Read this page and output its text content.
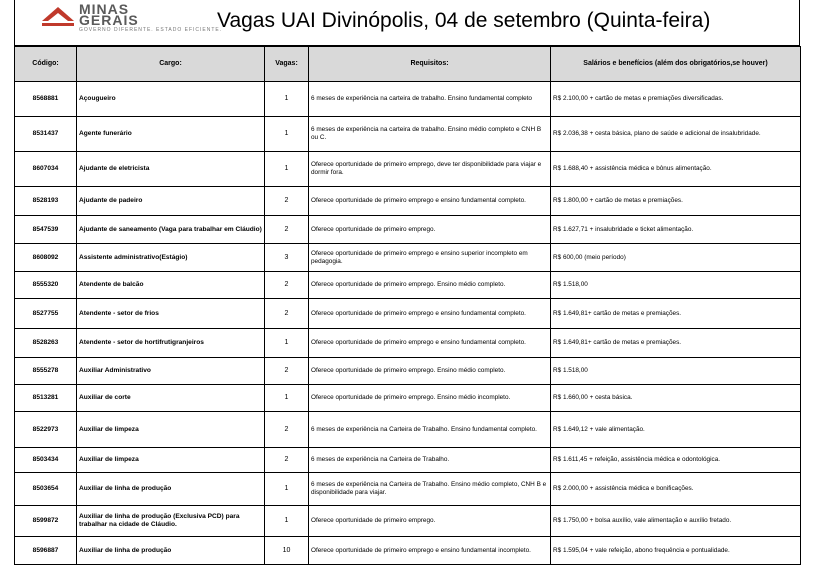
MINAS GERAIS
GOVERNO DIFERENTE. ESTADO EFICIENTE.
Vagas UAI Divinópolis, 04 de setembro (Quinta-feira)
Código:	Cargo:	Vagas:	Requisitos:	Salários e benefícios (além dos obrigatórios,se houver)
8568881	Açougueiro	1	6 meses de experiência na carteira de trabalho. Ensino fundamental completo	R$ 2.100,00 + cartão de metas e premiações diversificadas.
8531437	Agente funerário	1	6 meses de experiência na carteira de trabalho. Ensino médio completo e CNH B ou C.	R$ 2.036,38 + cesta básica, plano de saúde e adicional de insalubridade.
8607034	Ajudante de eletricista	1	Oferece oportunidade de primeiro emprego, deve ter disponibilidade para viajar e dormir fora.	R$ 1.688,40 + assistência médica e bônus alimentação.
8528193	Ajudante de padeiro	2	Oferece oportunidade de primeiro emprego e ensino fundamental completo.	R$ 1.800,00 + cartão de metas e premiações.
8547539	Ajudante de saneamento (Vaga para trabalhar em Cláudio)	2	Oferece oportunidade de primeiro emprego.	R$ 1.627,71 + insalubridade e ticket alimentação.
8608092	Assistente administrativo(Estágio)	3	Oferece oportunidade de primeiro emprego e ensino superior incompleto em pedagogia.	R$ 600,00 (meio período)
8555320	Atendente de balcão	2	Oferece oportunidade de primeiro emprego. Ensino médio completo.	R$ 1.518,00
8527755	Atendente - setor de frios	2	Oferece oportunidade de primeiro emprego e ensino fundamental completo.	R$ 1.649,81+ cartão de metas e premiações.
8528263	Atendente - setor de hortifrutigranjeiros	1	Oferece oportunidade de primeiro emprego e ensino fundamental completo.	R$ 1.649,81+ cartão de metas e premiações.
8555278	Auxiliar Administrativo	2	Oferece oportunidade de primeiro emprego. Ensino médio completo.	R$ 1.518,00
8513281	Auxiliar de corte	1	Oferece oportunidade de primeiro emprego. Ensino médio incompleto.	R$ 1.660,00 + cesta básica.
8522973	Auxiliar de limpeza	2	6 meses de experiência na Carteira de Trabalho. Ensino fundamental completo.	R$ 1.649,12 + vale alimentação.
8503434	Auxiliar de limpeza	2	6 meses de experiência na Carteira de Trabalho.	R$ 1.611,45 + refeição, assistência médica e odontológica.
8503654	Auxiliar de linha de produção	1	6 meses de experiência na Carteira de Trabalho. Ensino médio completo, CNH B e disponibilidade para viajar.	R$ 2.000,00 + assistência médica e bonificações.
8599872	Auxiliar de linha de produção (Exclusiva PCD) para trabalhar na cidade de Cláudio.	1	Oferece oportunidade de primeiro emprego.	R$ 1.750,00 + bolsa auxílio, vale alimentação e auxílio fretado.
8596887	Auxiliar de linha de produção	10	Oferece oportunidade de primeiro emprego e ensino fundamental incompleto.	R$ 1.595,04 + vale refeição, abono frequência e pontualidade.
